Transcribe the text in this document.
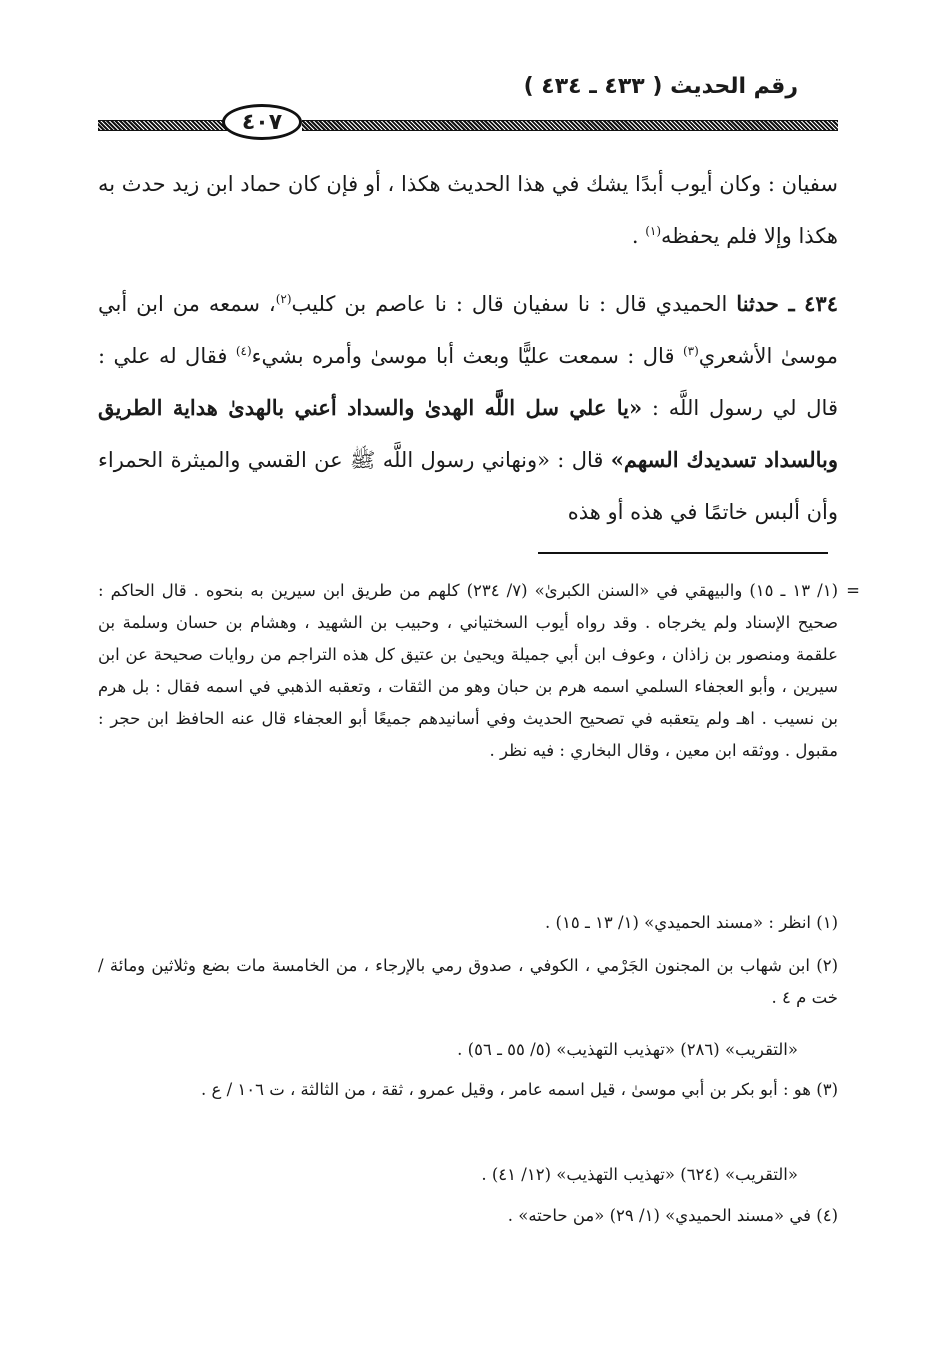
رقم الحديث ( ٤٣٣ ـ ٤٣٤ )
٤٠٧

سفيان : وكان أيوب أبدًا يشك في هذا الحديث هكذا ، أو فإن كان حماد ابن زيد حدث به هكذا وإلا فلم يحفظه$^{(١)}$ .

٤٣٤ ـ حدثنا الحميدي قال : نا سفيان قال : نا عاصم بن كليب$^{(٢)}$، سمعه من ابن أبي موسىٰ الأشعري$^{(٣)}$ قال : سمعت عليًّا وبعث أبا موسىٰ وأمره بشيء$^{(٤)}$ فقال له علي : قال لي رسول اللَّه : «يا علي سل اللَّه الهدىٰ والسداد أعني بالهدىٰ هداية الطريق وبالسداد تسديدك السهم» قال : «ونهاني رسول اللَّه ﷺ عن القسي والميثرة الحمراء وأن ألبس خاتمًا في هذه أو هذه

=
(١/ ١٣ ـ ١٥) والبيهقي في «السنن الكبرىٰ» (٧/ ٢٣٤) كلهم من طريق ابن سيرين به بنحوه . قال الحاكم : صحيح الإسناد ولم يخرجاه . وقد رواه أيوب السختياني ، وحبيب بن الشهيد ، وهشام بن حسان وسلمة بن علقمة ومنصور بن زاذان ، وعوف ابن أبي جميلة ويحيىٰ بن عتيق كل هذه التراجم من روايات صحيحة عن ابن سيرين ، وأبو العجفاء السلمي اسمه هرم بن حبان وهو من الثقات ، وتعقبه الذهبي في اسمه فقال : بل هرم بن نسيب . اهـ ولم يتعقبه في تصحيح الحديث وفي أسانيدهم جميعًا أبو العجفاء قال عنه الحافظ ابن حجر : مقبول . ووثقه ابن معين ، وقال البخاري : فيه نظر .

(١) انظر : «مسند الحميدي» (١/ ١٣ ـ ١٥) .

(٢) ابن شهاب بن المجنون الجَرْمي ، الكوفي ، صدوق رمي بالإرجاء ، من الخامسة مات بضع وثلاثين ومائة / خت م ٤ .

«التقريب» (٢٨٦) «تهذيب التهذيب» (٥/ ٥٥ ـ ٥٦) .

(٣) هو : أبو بكر بن أبي موسىٰ ، قيل اسمه عامر ، وقيل عمرو ، ثقة ، من الثالثة ، ت ١٠٦ / ع .

«التقريب» (٦٢٤) «تهذيب التهذيب» (١٢/ ٤١) .

(٤) في «مسند الحميدي» (١/ ٢٩) «من حاحته» .
